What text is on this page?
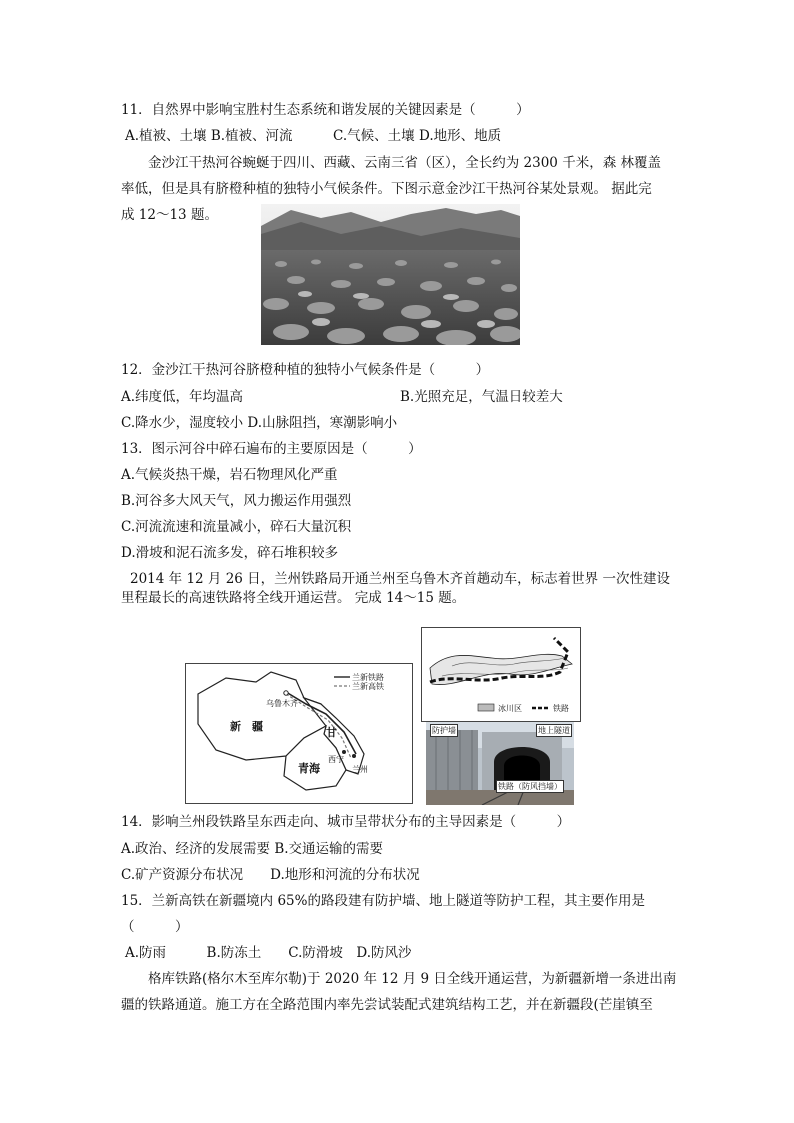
11．自然界中影响宝胜村生态系统和谐发展的关键因素是（　　　）
A.植被、土壤 B.植被、河流　　　C.气候、土壤 D.地形、地质
金沙江干热河谷蜿蜒于四川、西藏、云南三省（区），全长约为 2300 千米，森 林覆盖
率低，但是具有脐橙种植的独特小气候条件。下图示意金沙江干热河谷某处景观。 据此完
成 12～13 题。
12．金沙江干热河谷脐橙种植的独特小气候条件是（　　　）
A.纬度低，年均温高	B.光照充足，气温日较差大
C.降水少，湿度较小 D.山脉阻挡，寒潮影响小
13．图示河谷中碎石遍布的主要原因是（　　　）
A.气候炎热干燥，岩石物理风化严重
B.河谷多大风天气，风力搬运作用强烈
C.河流流速和流量减小，碎石大量沉积
D.滑坡和泥石流多发，碎石堆积较多
2014 年 12 月 26 日，兰州铁路局开通兰州至乌鲁木齐首趟动车，标志着世界 一次性建设
里程最长的高速铁路将全线开通运营。 完成 14～15 题。
兰新铁路
兰新高铁
乌鲁木齐
新　疆	甘
青海
西宁
兰州
冰川区	铁路
防护墙	地上隧道
铁路（防风挡墙）
14．影响兰州段铁路呈东西走向、城市呈带状分布的主导因素是（　　　）
A.政治、经济的发展需要 B.交通运输的需要
C.矿产资源分布状况　　D.地形和河流的分布状况
15．兰新高铁在新疆境内 65%的路段建有防护墙、地上隧道等防护工程，其主要作用是
（　　　）
A.防雨　　　B.防冻土　　C.防滑坡　D.防风沙
格库铁路(格尔木至库尔勒)于 2020 年 12 月 9 日全线开通运营，为新疆新增一条进出南
疆的铁路通道。施工方在全路范围内率先尝试装配式建筑结构工艺，并在新疆段(芒崖镇至
